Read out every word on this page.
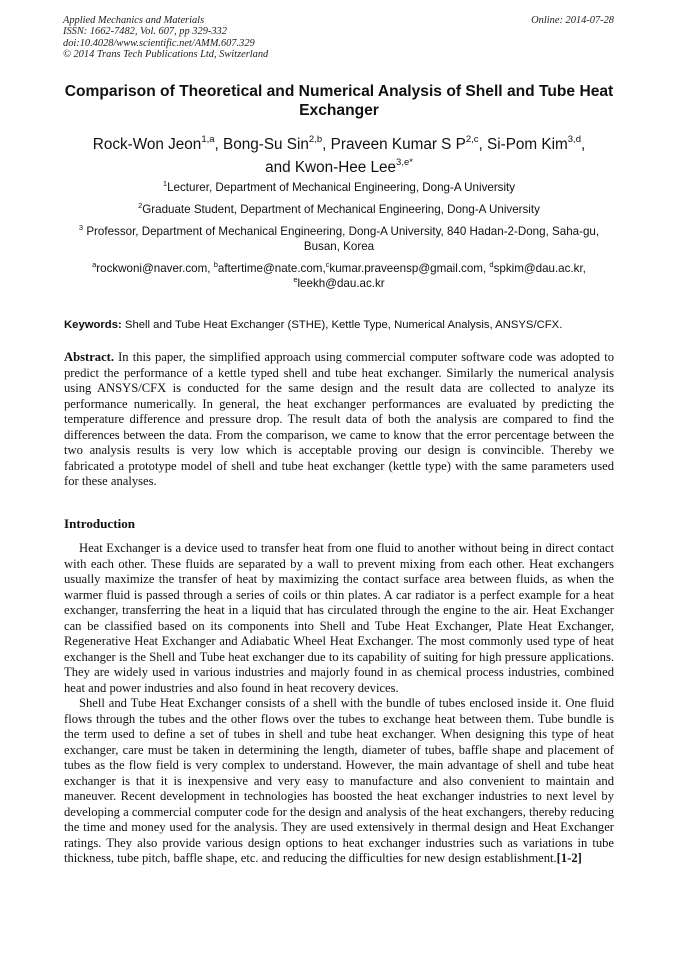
Applied Mechanics and Materials
ISSN: 1662-7482, Vol. 607, pp 329-332
doi:10.4028/www.scientific.net/AMM.607.329
© 2014 Trans Tech Publications Ltd, Switzerland
Online: 2014-07-28
Comparison of Theoretical and Numerical Analysis of Shell and Tube Heat Exchanger
Rock-Won Jeon$^{1,a}$, Bong-Su Sin$^{2,b}$, Praveen Kumar S P$^{2,c}$, Si-Pom Kim$^{3,d}$,
and Kwon-Hee Lee$^{3,e*}$
$^1$Lecturer, Department of Mechanical Engineering, Dong-A University
$^2$Graduate Student, Department of Mechanical Engineering, Dong-A University
$^3$ Professor, Department of Mechanical Engineering, Dong-A University, 840 Hadan-2-Dong, Saha-gu, Busan, Korea
$^a$rockwoni@naver.com, $^b$aftertime@nate.com,$^c$kumar.praveensp@gmail.com, $^d$spkim@dau.ac.kr,
$^e$leekh@dau.ac.kr
Keywords: Shell and Tube Heat Exchanger (STHE), Kettle Type, Numerical Analysis, ANSYS/CFX.
Abstract. In this paper, the simplified approach using commercial computer software code was adopted to predict the performance of a kettle typed shell and tube heat exchanger. Similarly the numerical analysis using ANSYS/CFX is conducted for the same design and the result data are collected to analyze its performance numerically. In general, the heat exchanger performances are evaluated by predicting the temperature difference and pressure drop. The result data of both the analysis are compared to find the differences between the data. From the comparison, we came to know that the error percentage between the two analysis results is very low which is acceptable proving our design is convincible. Thereby we fabricated a prototype model of shell and tube heat exchanger (kettle type) with the same parameters used for these analyses.
Introduction

Heat Exchanger is a device used to transfer heat from one fluid to another without being in direct contact with each other. These fluids are separated by a wall to prevent mixing from each other. Heat exchangers usually maximize the transfer of heat by maximizing the contact surface area between fluids, as when the warmer fluid is passed through a series of coils or thin plates. A car radiator is a perfect example for a heat exchanger, transferring the heat in a liquid that has circulated through the engine to the air. Heat Exchanger can be classified based on its components into Shell and Tube Heat Exchanger, Plate Heat Exchanger, Regenerative Heat Exchanger and Adiabatic Wheel Heat Exchanger. The most commonly used type of heat exchanger is the Shell and Tube heat exchanger due to its capability of suiting for high pressure applications. They are widely used in various industries and majorly found in as chemical process industries, combined heat and power industries and also found in heat recovery devices.

Shell and Tube Heat Exchanger consists of a shell with the bundle of tubes enclosed inside it. One fluid flows through the tubes and the other flows over the tubes to exchange heat between them. Tube bundle is the term used to define a set of tubes in shell and tube heat exchanger. When designing this type of heat exchanger, care must be taken in determining the length, diameter of tubes, baffle shape and placement of tubes as the flow field is very complex to understand. However, the main advantage of shell and tube heat exchanger is that it is inexpensive and very easy to manufacture and also convenient to maintain and maneuver. Recent development in technologies has boosted the heat exchanger industries to next level by developing a commercial computer code for the design and analysis of the heat exchangers, thereby reducing the time and money used for the analysis. They are used extensively in thermal design and Heat Exchanger ratings. They also provide various design options to heat exchanger industries such as variations in tube thickness, tube pitch, baffle shape, etc. and reducing the difficulties for new design establishment.[1-2]
